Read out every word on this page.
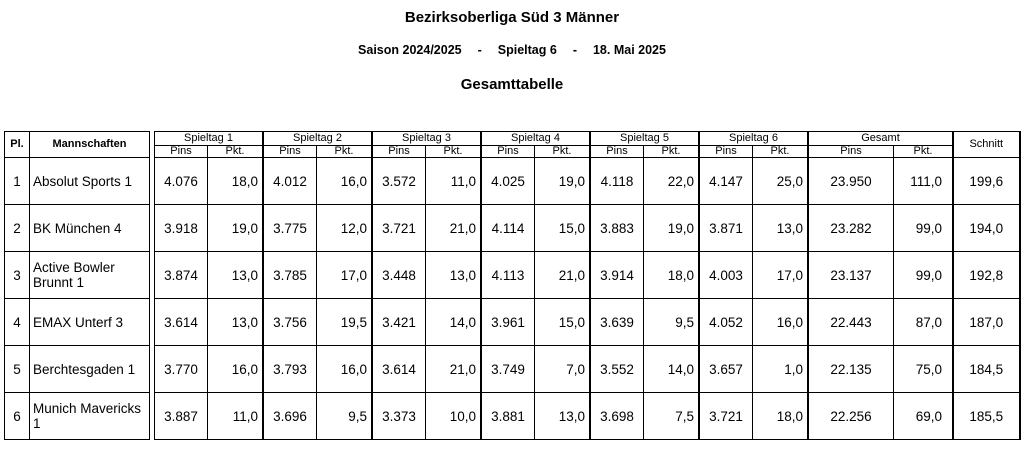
Bezirksoberliga Süd 3 Männer
Saison 2024/2025 - Spieltag 6 - 18. Mai 2025
Gesamttabelle
Pl.	Mannschaften		Spieltag 1		Spieltag 2		Spieltag 3		Spieltag 4		Spieltag 5		Spieltag 6		Gesamt		Schnitt
			Pins	Pkt.	Pins	Pkt.	Pins	Pkt.	Pins	Pkt.	Pins	Pkt.	Pins	Pkt.	Pins	Pkt.	
1	Absolut Sports 1		4.076	18,0		4.012	16,0		3.572	11,0		4.025	19,0		4.118	22,0		4.147	25,0		23.950	111,0		199,6
2	BK München 4		3.918	19,0		3.775	12,0		3.721	21,0		4.114	15,0		3.883	19,0		3.871	13,0		23.282	99,0		194,0
3	Active Bowler Brunnt 1		3.874	13,0		3.785	17,0		3.448	13,0		4.113	21,0		3.914	18,0		4.003	17,0		23.137	99,0		192,8
4	EMAX Unterf 3		3.614	13,0		3.756	19,5		3.421	14,0		3.961	15,0		3.639	9,5		4.052	16,0		22.443	87,0		187,0
5	Berchtesgaden 1		3.770	16,0		3.793	16,0		3.614	21,0		3.749	7,0		3.552	14,0		3.657	1,0		22.135	75,0		184,5
6	Munich Mavericks 1		3.887	11,0		3.696	9,5		3.373	10,0		3.881	13,0		3.698	7,5		3.721	18,0		22.256	69,0		185,5
